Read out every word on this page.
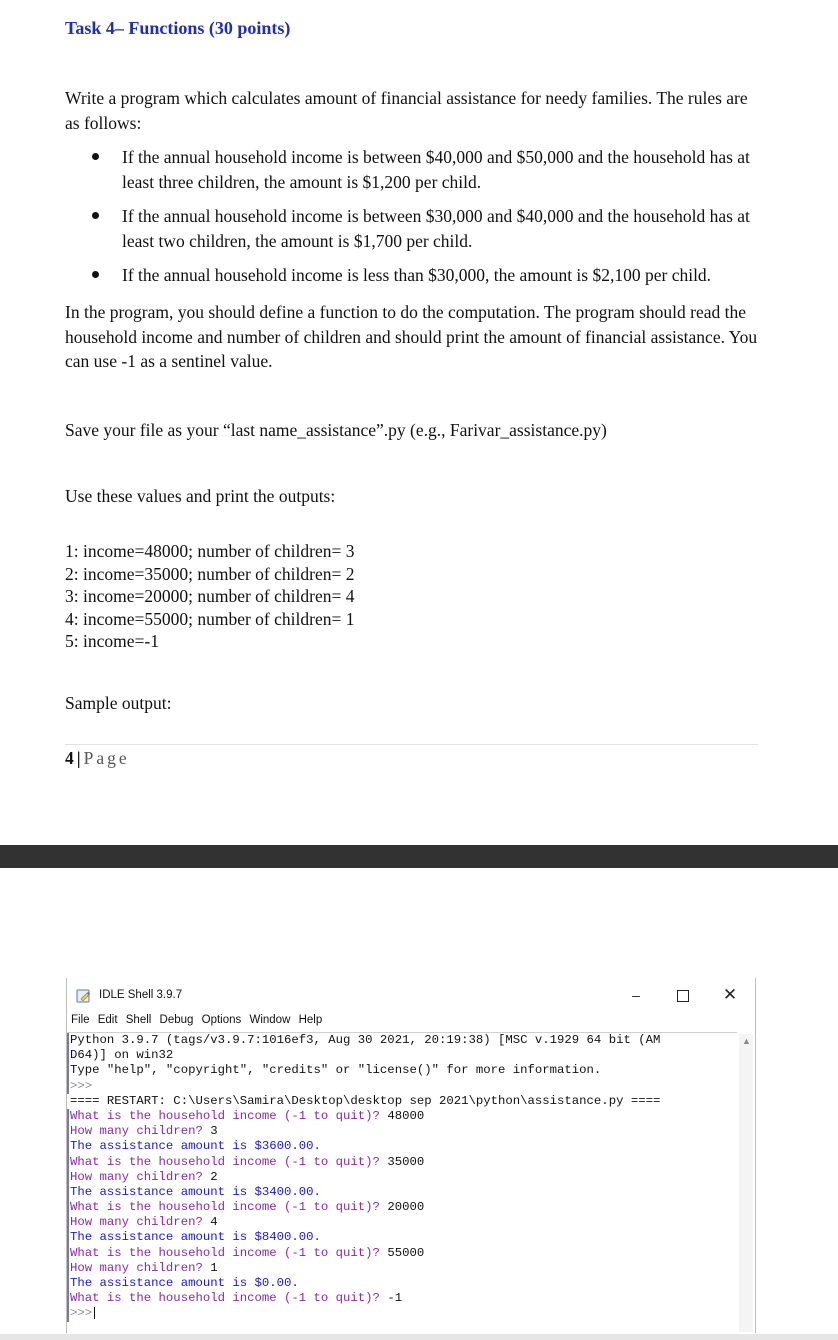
Task 4– Functions (30 points)

Write a program which calculates amount of financial assistance for needy families. The rules are as follows:

If the annual household income is between $40,000 and $50,000 and the household has at least three children, the amount is $1,200 per child.
If the annual household income is between $30,000 and $40,000 and the household has at least two children, the amount is $1,700 per child.
If the annual household income is less than $30,000, the amount is $2,100 per child.

In the program, you should define a function to do the computation. The program should read the household income and number of children and should print the amount of financial assistance. You can use -1 as a sentinel value.

Save your file as your “last name_assistance”.py (e.g., Farivar_assistance.py)

Use these values and print the outputs:

1: income=48000; number of children= 3
2: income=35000; number of children= 2
3: income=20000; number of children= 4
4: income=55000; number of children= 1
5: income=-1

Sample output:

4 | Page
IDLE Shell 3.9.7	–	✕
File Edit Shell Debug Options Window Help
Python 3.9.7 (tags/v3.9.7:1016ef3, Aug 30 2021, 20:19:38) [MSC v.1929 64 bit (AM
D64)] on win32
Type "help", "copyright", "credits" or "license()" for more information.
>>>
==== RESTART: C:\Users\Samira\Desktop\desktop sep 2021\python\assistance.py ====
What is the household income (-1 to quit)? 48000
How many children? 3
The assistance amount is $3600.00.
What is the household income (-1 to quit)? 35000
How many children? 2
The assistance amount is $3400.00.
What is the household income (-1 to quit)? 20000
How many children? 4
The assistance amount is $8400.00.
What is the household income (-1 to quit)? 55000
How many children? 1
The assistance amount is $0.00.
What is the household income (-1 to quit)? -1
>>>
▲
